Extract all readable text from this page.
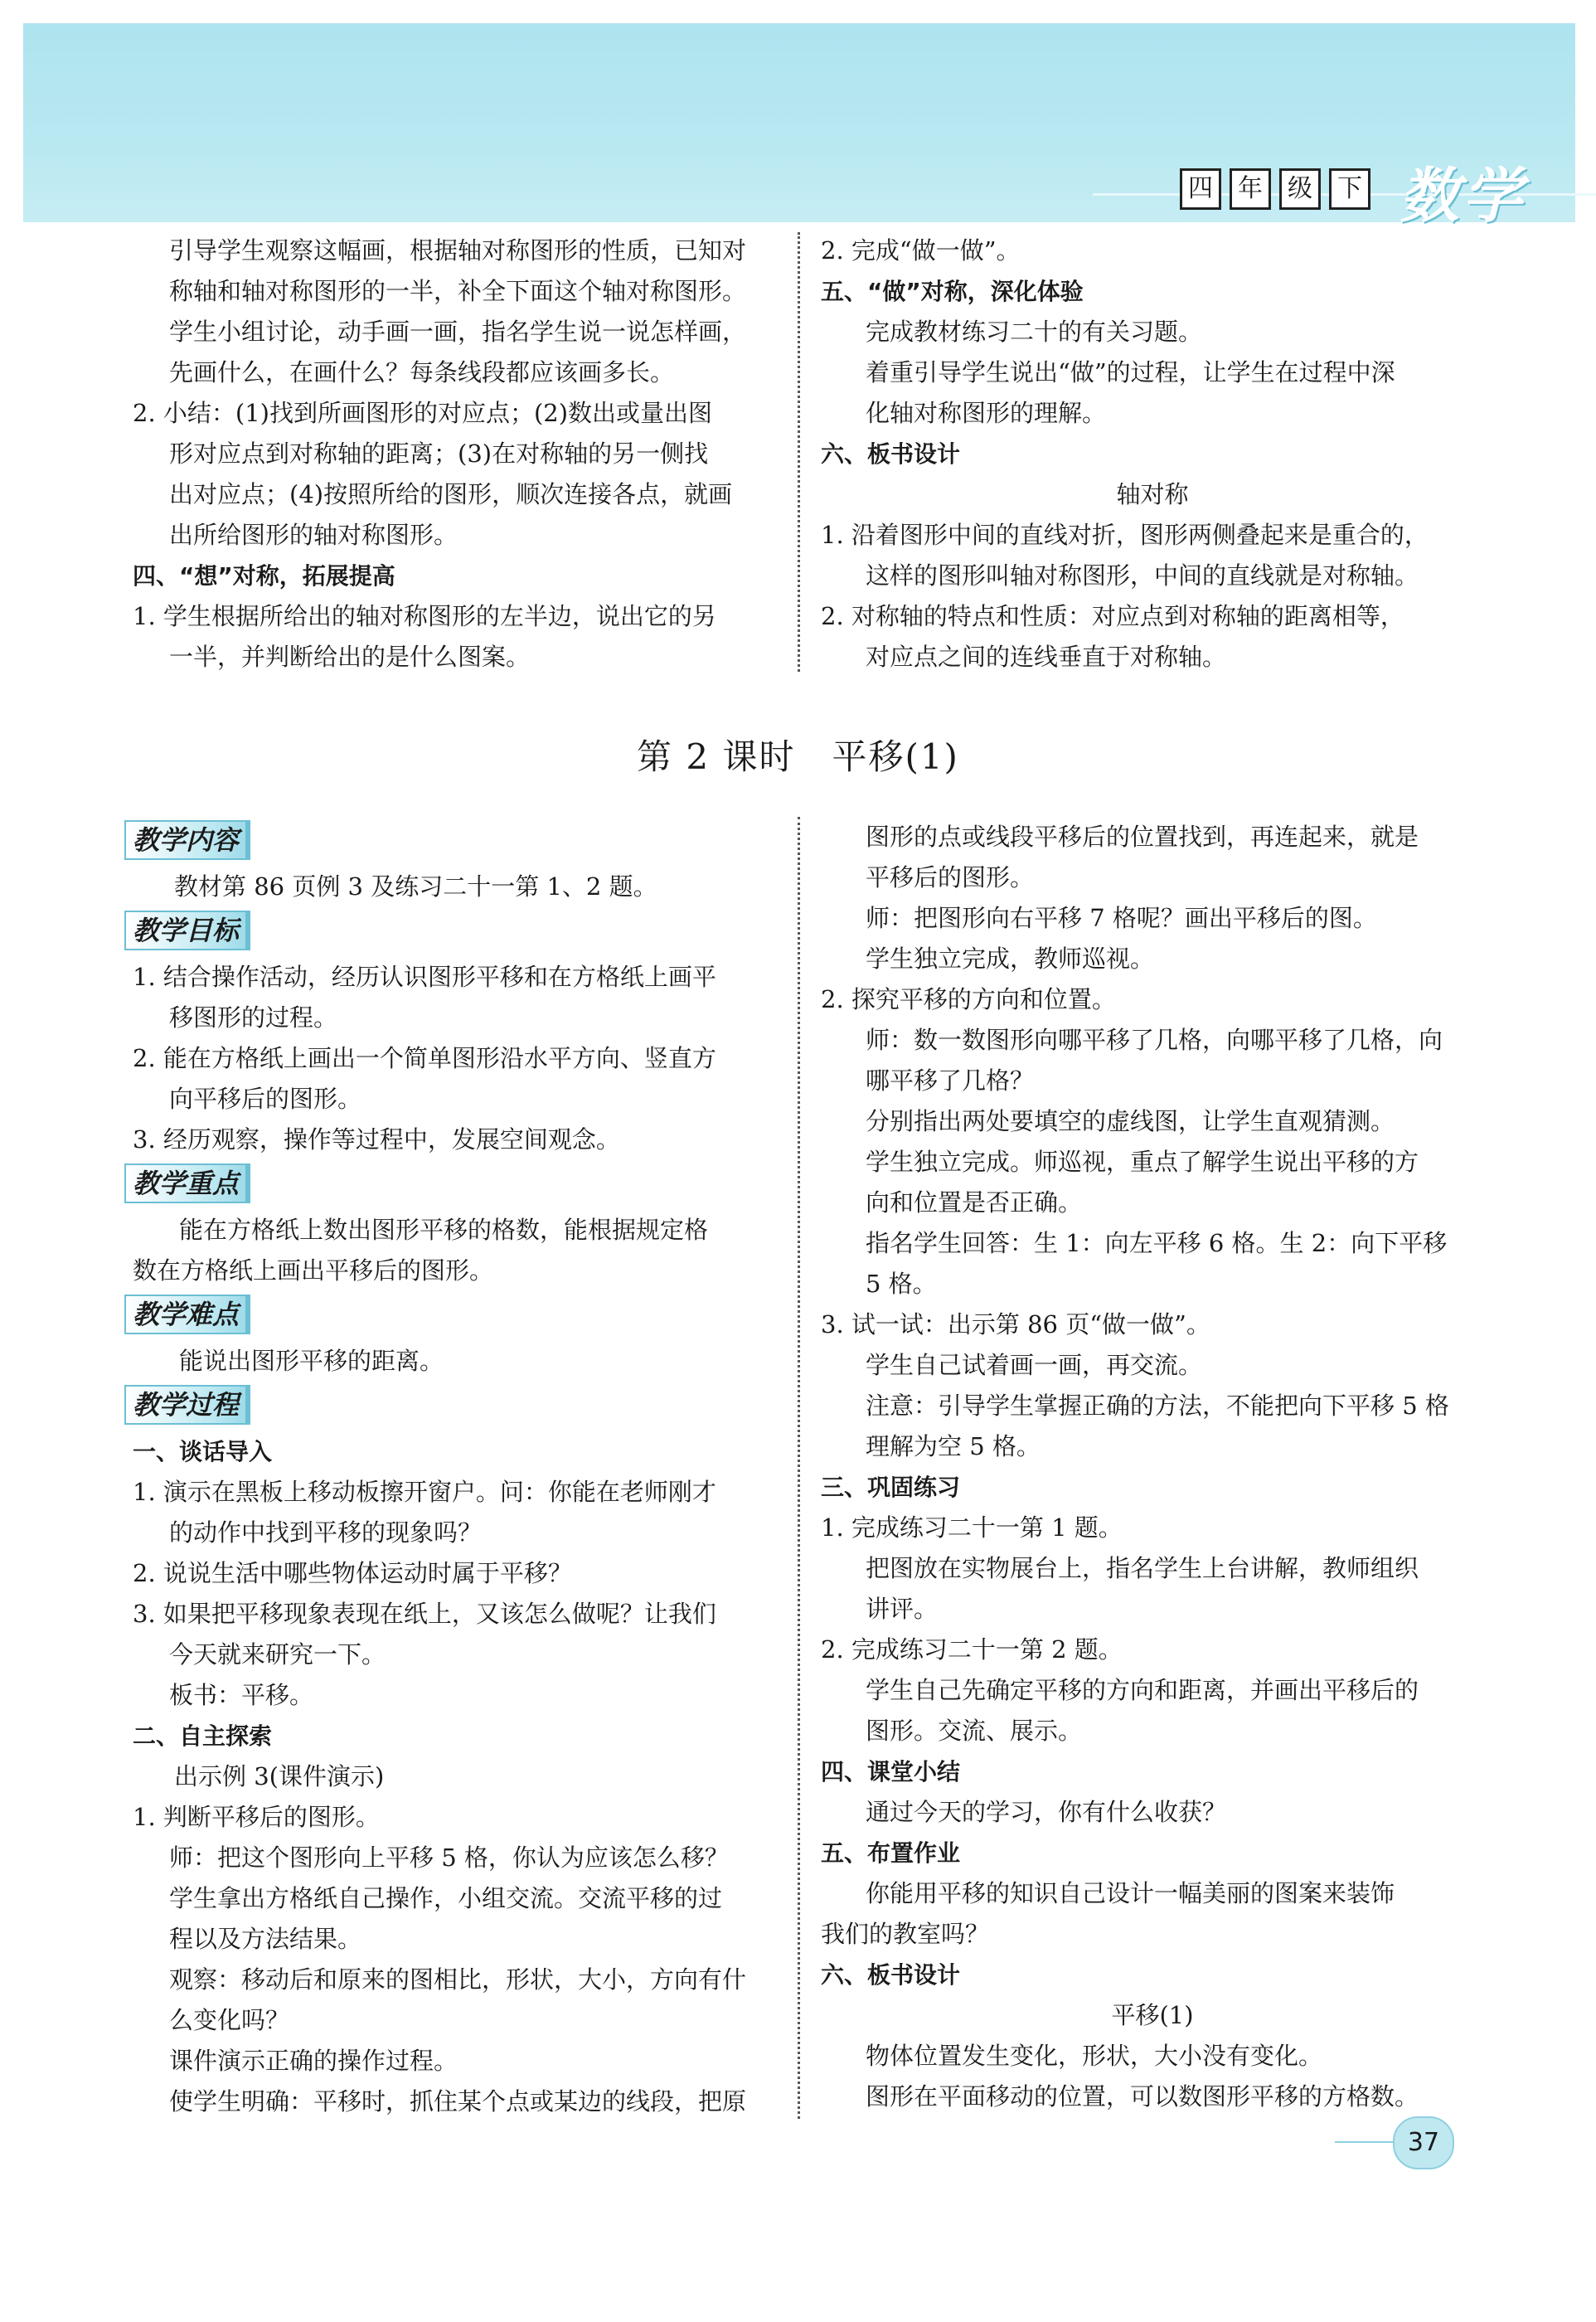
四	年	级	下 数学

引导学生观察这幅画，根据轴对称图形的性质，已知对

称轴和轴对称图形的一半，补全下面这个轴对称图形。

学生小组讨论，动手画一画，指名学生说一说怎样画，

先画什么，在画什么？每条线段都应该画多长。

2. 小结：(1)找到所画图形的对应点；(2)数出或量出图

形对应点到对称轴的距离；(3)在对称轴的另一侧找

出对应点；(4)按照所给的图形，顺次连接各点，就画

出所给图形的轴对称图形。

四、“想”对称，拓展提高

1. 学生根据所给出的轴对称图形的左半边，说出它的另

一半，并判断给出的是什么图案。

2. 完成“做一做”。

五、“做”对称，深化体验

完成教材练习二十的有关习题。

着重引导学生说出“做”的过程，让学生在过程中深

化轴对称图形的理解。

六、板书设计

轴对称

1. 沿着图形中间的直线对折，图形两侧叠起来是重合的，

这样的图形叫轴对称图形，中间的直线就是对称轴。

2. 对称轴的特点和性质：对应点到对称轴的距离相等，

对应点之间的连线垂直于对称轴。

第 2 课时　平移(1)
教学内容

教材第 86 页例 3 及练习二十一第 1、2 题。

教学目标

1. 结合操作活动，经历认识图形平移和在方格纸上画平

移图形的过程。

2. 能在方格纸上画出一个简单图形沿水平方向、竖直方

向平移后的图形。

3. 经历观察，操作等过程中，发展空间观念。

教学重点

能在方格纸上数出图形平移的格数，能根据规定格

数在方格纸上画出平移后的图形。

教学难点

能说出图形平移的距离。

教学过程

一、谈话导入

1. 演示在黑板上移动板擦开窗户。问：你能在老师刚才

的动作中找到平移的现象吗？

2. 说说生活中哪些物体运动时属于平移？

3. 如果把平移现象表现在纸上，又该怎么做呢？让我们

今天就来研究一下。

板书：平移。

二、自主探索

出示例 3(课件演示)

1. 判断平移后的图形。

师：把这个图形向上平移 5 格，你认为应该怎么移？

学生拿出方格纸自己操作，小组交流。交流平移的过

程以及方法结果。

观察：移动后和原来的图相比，形状，大小，方向有什

么变化吗？

课件演示正确的操作过程。

使学生明确：平移时，抓住某个点或某边的线段，把原

图形的点或线段平移后的位置找到，再连起来，就是

平移后的图形。

师：把图形向右平移 7 格呢？画出平移后的图。

学生独立完成，教师巡视。

2. 探究平移的方向和位置。

师：数一数图形向哪平移了几格，向哪平移了几格，向

哪平移了几格？

分别指出两处要填空的虚线图，让学生直观猜测。

学生独立完成。师巡视，重点了解学生说出平移的方

向和位置是否正确。

指名学生回答：生 1：向左平移 6 格。生 2：向下平移

5 格。

3. 试一试：出示第 86 页“做一做”。

学生自己试着画一画，再交流。

注意：引导学生掌握正确的方法，不能把向下平移 5 格

理解为空 5 格。

三、巩固练习

1. 完成练习二十一第 1 题。

把图放在实物展台上，指名学生上台讲解，教师组织

讲评。

2. 完成练习二十一第 2 题。

学生自己先确定平移的方向和距离，并画出平移后的

图形。交流、展示。

四、课堂小结

通过今天的学习，你有什么收获？

五、布置作业

你能用平移的知识自己设计一幅美丽的图案来装饰

我们的教室吗？

六、板书设计

平移(1)

物体位置发生变化，形状，大小没有变化。

图形在平面移动的位置，可以数图形平移的方格数。

37
